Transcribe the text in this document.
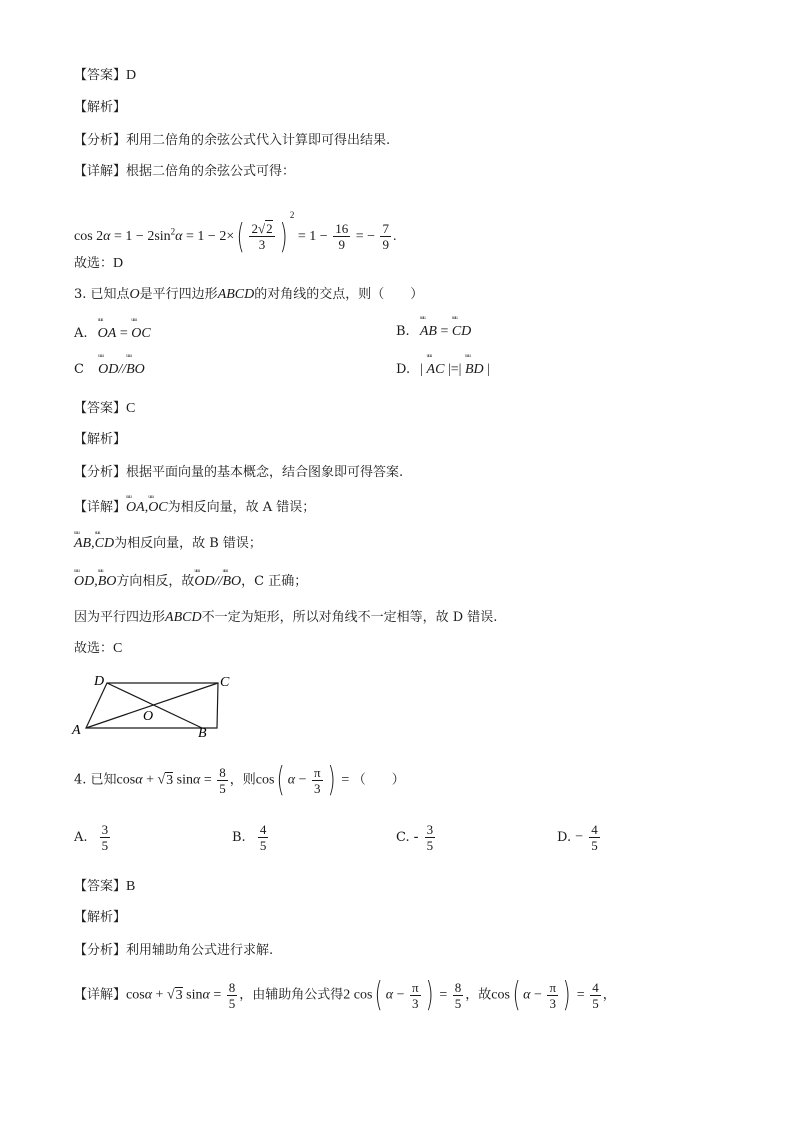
【答案】D
【解析】
【分析】利用二倍角的余弦公式代入计算即可得出结果.
【详解】根据二倍角的余弦公式可得：
$\cos 2\alpha = 1 - 2\sin^2\alpha = 1 - 2\times( \frac{2√2}{3} )^2 = 1 - \frac{16}{9}$ = − $\frac{7}{9}$ .
故选：D
3. 已知点O是平行四边形ABCD的对角线的交点，则（　　）
A. ᵘᵘᵘ OA = ᵘᵘᵘ OC	B. ᵘᵘᵘ AB = ᵘᵘᵘ CD
C ᵘᵘᵘ OD//ᵘᵘᵘ BO	D. | ᵘᵘᵘ AC |=| ᵘᵘᵘ BD |
【答案】C
【解析】
【分析】根据平面向量的基本概念，结合图象即可得答案.
【详解】ᵘᵘᵘ OA,ᵘᵘᵘ OC为相反向量，故 A 错误；
ᵘᵘᵘ AB,ᵘᵘᵘ CD为相反向量，故 B 错误；
ᵘᵘᵘ OD,ᵘᵘᵘ BO方向相反，故ᵘᵘᵘ OD//ᵘᵘᵘ BO，C 正确；
因为平行四边形ABCD不一定为矩形，所以对角线不一定相等，故 D 错误.
故选：C
A	B
C
D
O
4. 已知cosα + √3 $\sin\alpha = \frac{8}{5}$ ，则cos( $\alpha - \frac{\pi}{3}$ ) = （　　）
A. $\frac{3}{5}$	B. $\frac{4}{5}$	C. - $\frac{3}{5}$	D. − $\frac{4}{5}$
【答案】B
【解析】
【分析】利用辅助角公式进行求解.
【详解】cosα + √3 $\sin\alpha = \frac{8}{5}$ ，由辅助角公式得2 cos( $\alpha - \frac{\pi}{3}$ ) = $\frac{8}{5}$ ，故cos( $\alpha - \frac{\pi}{3}$ ) = $\frac{4}{5}$ ，
